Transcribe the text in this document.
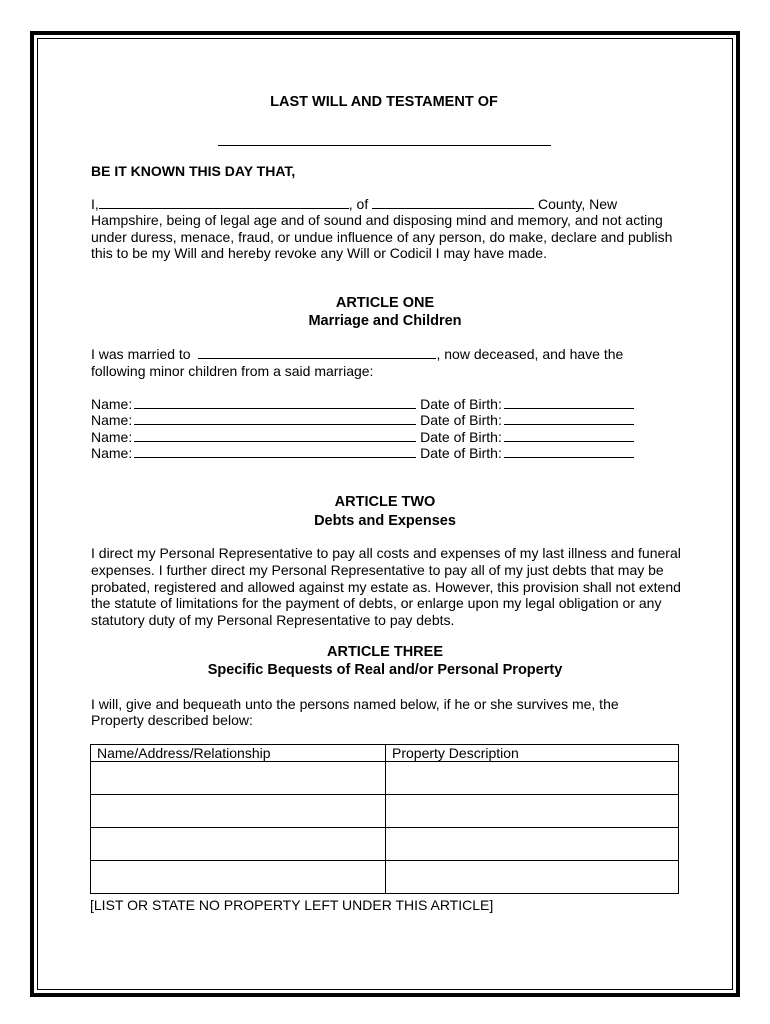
LAST WILL AND TESTAMENT OF
BE IT KNOWN THIS DAY THAT,
I,	, of	County, New
Hampshire, being of legal age and of sound and disposing mind and memory, and not acting
under duress, menace, fraud, or undue influence of any person, do make, declare and publish
this to be my Will and hereby revoke any Will or Codicil I may have made.
ARTICLE ONE
Marriage and Children
I was married to	, now deceased, and have the
following minor children from a said marriage:
Name:	Date of Birth:
Name:	Date of Birth:
Name:	Date of Birth:
Name:	Date of Birth:
ARTICLE TWO
Debts and Expenses
I direct my Personal Representative to pay all costs and expenses of my last illness and funeral
expenses. I further direct my Personal Representative to pay all of my just debts that may be
probated, registered and allowed against my estate as. However, this provision shall not extend
the statute of limitations for the payment of debts, or enlarge upon my legal obligation or any
statutory duty of my Personal Representative to pay debts.
ARTICLE THREE
Specific Bequests of Real and/or Personal Property
I will, give and bequeath unto the persons named below, if he or she survives me, the
Property described below:
Name/Address/Relationship	Property Description

[LIST OR STATE NO PROPERTY LEFT UNDER THIS ARTICLE]
